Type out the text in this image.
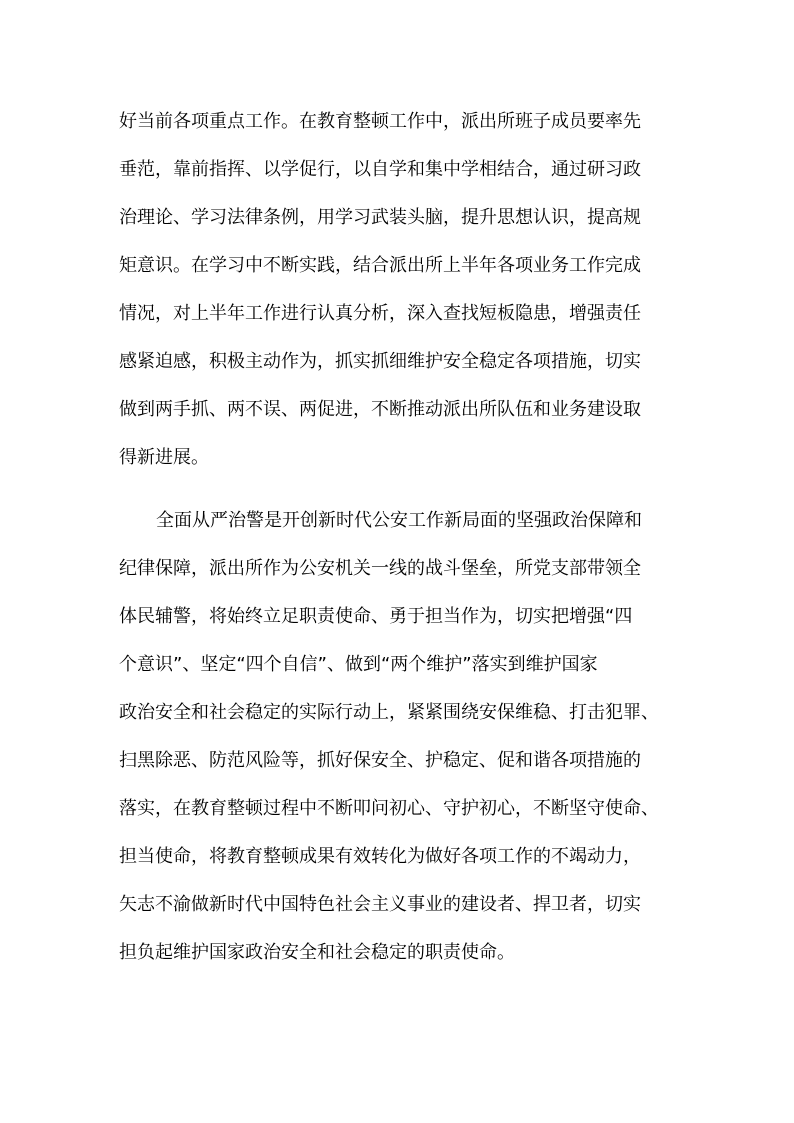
好当前各项重点工作。在教育整顿工作中，派出所班子成员要率先
垂范，靠前指挥、以学促行，以自学和集中学相结合，通过研习政
治理论、学习法律条例，用学习武装头脑，提升思想认识，提高规
矩意识。在学习中不断实践，结合派出所上半年各项业务工作完成
情况，对上半年工作进行认真分析，深入查找短板隐患，增强责任
感紧迫感，积极主动作为，抓实抓细维护安全稳定各项措施，切实
做到两手抓、两不误、两促进，不断推动派出所队伍和业务建设取
得新进展。
全面从严治警是开创新时代公安工作新局面的坚强政治保障和
纪律保障，派出所作为公安机关一线的战斗堡垒，所党支部带领全
体民辅警，将始终立足职责使命、勇于担当作为，切实把增强“四
个意识”、坚定“四个自信”、做到“两个维护”落实到维护国家
政治安全和社会稳定的实际行动上，紧紧围绕安保维稳、打击犯罪、
扫黑除恶、防范风险等，抓好保安全、护稳定、促和谐各项措施的
落实，在教育整顿过程中不断叩问初心、守护初心，不断坚守使命、
担当使命，将教育整顿成果有效转化为做好各项工作的不竭动力，
矢志不渝做新时代中国特色社会主义事业的建设者、捍卫者，切实
担负起维护国家政治安全和社会稳定的职责使命。
